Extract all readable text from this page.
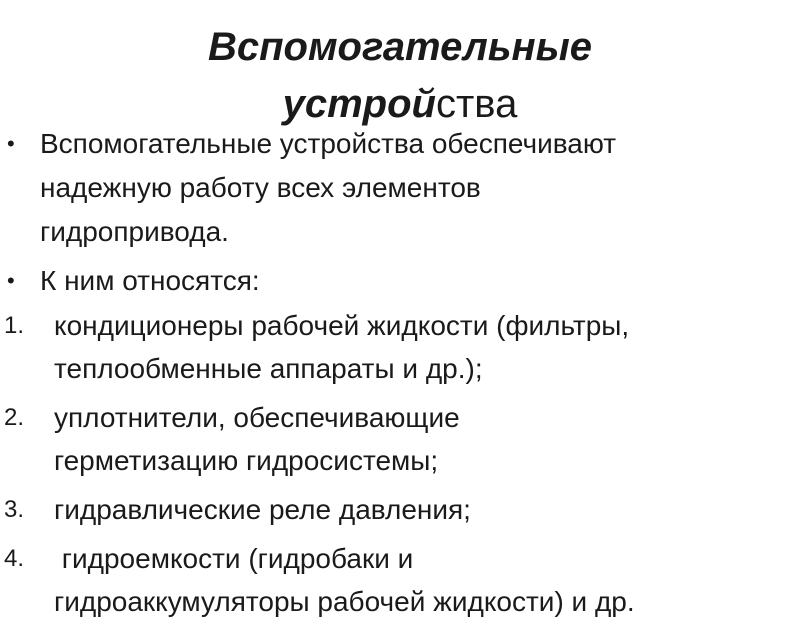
Вспомогательные
устройства
• Вспомогательные устройства обеспечивают
надежную работу всех элементов
гидропривода.
• К ним относятся:
1. кондиционеры рабочей жидкости (фильтры,
теплообменные аппараты и др.);
2. уплотнители, обеспечивающие
герметизацию гидросистемы;
3. гидравлические реле давления;
4. гидроемкости (гидробаки и
гидроаккумуляторы рабочей жидкости) и др.
